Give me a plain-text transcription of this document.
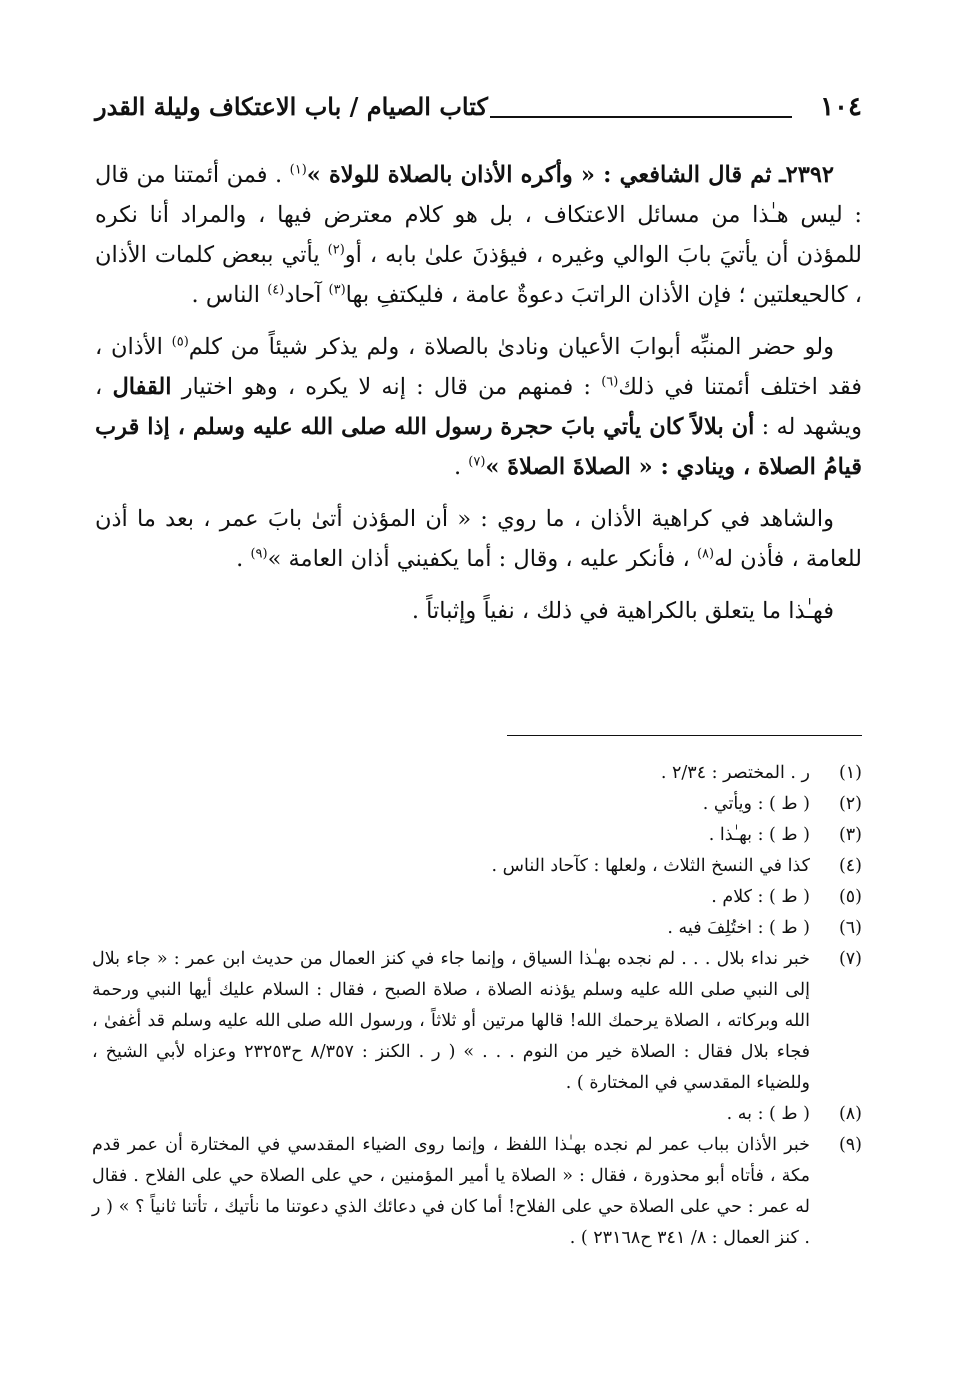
١٠٤
كتاب الصيام / باب الاعتكاف وليلة القدر

٢٣٩٢ـ ثم قال الشافعي : « وأكره الأذان بالصلاة للولاة »$^{(١)}$ . فمن أئمتنا من قال : ليس هـٰذا من مسائل الاعتكاف ، بل هو كلام معترض فيها ، والمراد أنا نكره للمؤذن أن يأتيَ بابَ الوالي وغيره ، فيؤذنَ علىٰ بابه ، أو$^{(٢)}$ يأتي ببعض كلمات الأذان ، كالحيعلتين ؛ فإن الأذان الراتبَ دعوةٌ عامة ، فليكتفِ بها$^{(٣)}$ آحاد$^{(٤)}$ الناس .

ولو حضر المنبِّه أبوابَ الأعيان ونادىٰ بالصلاة ، ولم يذكر شيئاً من كلم$^{(٥)}$ الأذان ، فقد اختلف أئمتنا في ذلك$^{(٦)}$ : فمنهم من قال : إنه لا يكره ، وهو اختيار القفال ، ويشهد له : أن بلالاً كان يأتي بابَ حجرة رسول الله صلى الله عليه وسلم ، إذا قرب قيامُ الصلاة ، وينادي : « الصلاةَ الصلاةَ »$^{(٧)}$ .

والشاهد في كراهية الأذان ، ما روي : « أن المؤذن أتىٰ بابَ عمر ، بعد ما أذن للعامة ، فأذن له$^{(٨)}$ ، فأنكر عليه ، وقال : أما يكفيني أذان العامة »$^{(٩)}$ .

فهـٰذا ما يتعلق بالكراهية في ذلك ، نفياً وإثباتاً .

(١)
ر . المختصر : ٢/٣٤ .
(٢)
( ط ) : ويأتي .
(٣)
( ط ) : بهـٰذا .
(٤)
كذا في النسخ الثلاث ، ولعلها : كآحاد الناس .
(٥)
( ط ) : كلام .
(٦)
( ط ) : اختُلِفَ فيه .
(٧)
خبر نداء بلال . . . لم نجده بهـٰذا السياق ، وإنما جاء في كنز العمال من حديث ابن عمر : « جاء بلال إلى النبي صلى الله عليه وسلم يؤذنه الصلاة ، صلاة الصبح ، فقال : السلام عليك أيها النبي ورحمة الله وبركاته ، الصلاة يرحمك الله! قالها مرتين أو ثلاثاً ، ورسول الله صلى الله عليه وسلم قد أغفىٰ ، فجاء بلال فقال : الصلاة خير من النوم . . . » ( ر . الكنز : ٨/٣٥٧ ح٢٣٢٥٣ وعزاه لأبي الشيخ ، وللضياء المقدسي في المختارة ) .
(٨)
( ط ) : به .
(٩)
خبر الأذان بباب عمر لم نجده بهـٰذا اللفظ ، وإنما روى الضياء المقدسي في المختارة أن عمر قدم مكة ، فأتاه أبو محذورة ، فقال : « الصلاة يا أمير المؤمنين ، حي على الصلاة حي على الفلاح . فقال له عمر : حي على الصلاة حي على الفلاح! أما كان في دعائك الذي دعوتنا ما نأتيك ، تأتنا ثانياً ؟ » ( ر . كنز العمال : ٨/ ٣٤١ ح٢٣١٦٨ ) .
